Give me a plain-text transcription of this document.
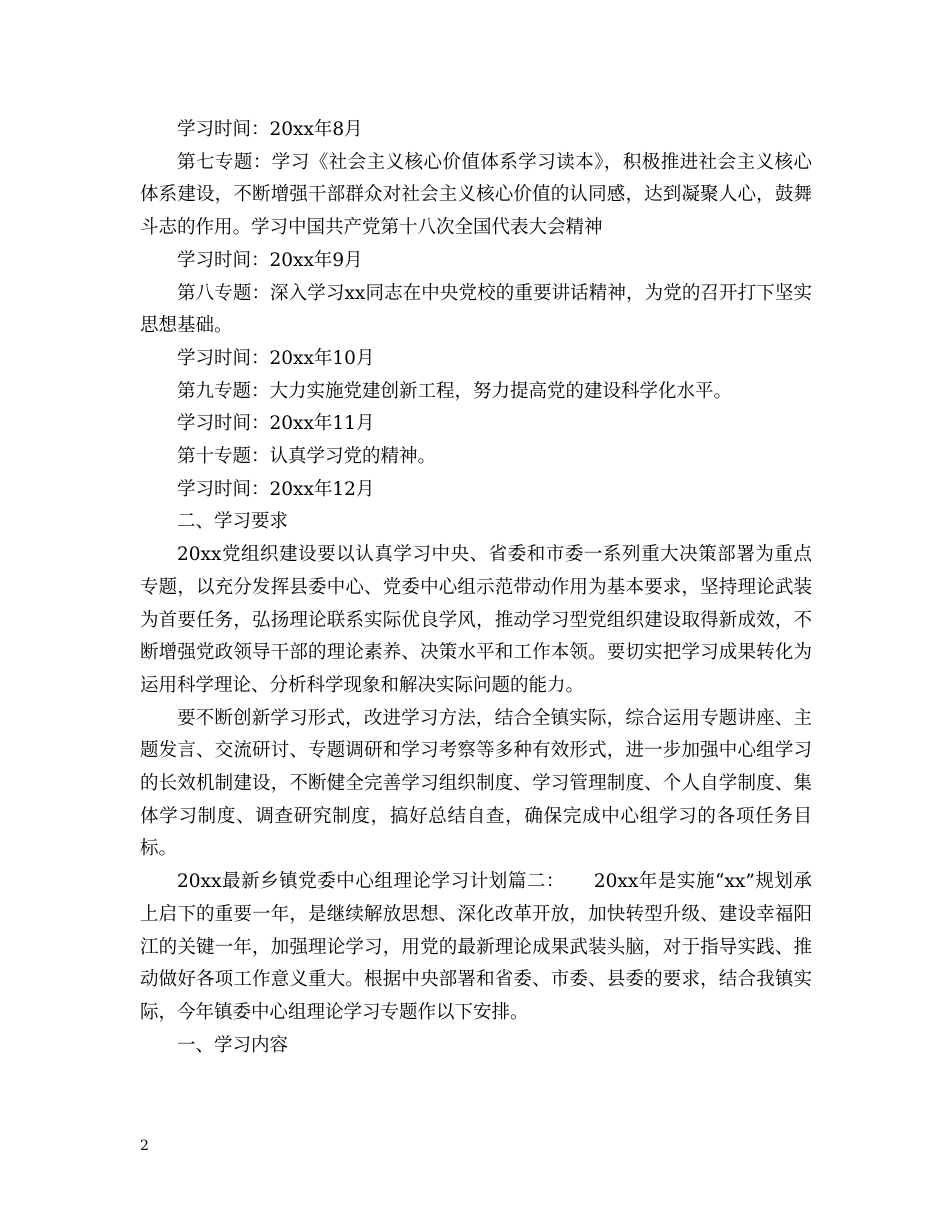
学习时间：20xx年8月

第七专题：学习《社会主义核心价值体系学习读本》，积极推进社会主义核心体系建设，不断增强干部群众对社会主义核心价值的认同感，达到凝聚人心，鼓舞斗志的作用。学习中国共产党第十八次全国代表大会精神

学习时间：20xx年9月

第八专题：深入学习xx同志在中央党校的重要讲话精神，为党的召开打下坚实思想基础。

学习时间：20xx年10月

第九专题：大力实施党建创新工程，努力提高党的建设科学化水平。

学习时间：20xx年11月

第十专题：认真学习党的精神。

学习时间：20xx年12月

二、学习要求

20xx党组织建设要以认真学习中央、省委和市委一系列重大决策部署为重点专题，以充分发挥县委中心、党委中心组示范带动作用为基本要求，坚持理论武装为首要任务，弘扬理论联系实际优良学风，推动学习型党组织建设取得新成效，不断增强党政领导干部的理论素养、决策水平和工作本领。要切实把学习成果转化为运用科学理论、分析科学现象和解决实际问题的能力。

要不断创新学习形式，改进学习方法，结合全镇实际，综合运用专题讲座、主题发言、交流研讨、专题调研和学习考察等多种有效形式，进一步加强中心组学习的长效机制建设，不断健全完善学习组织制度、学习管理制度、个人自学制度、集体学习制度、调查研究制度，搞好总结自查，确保完成中心组学习的各项任务目标。

20xx最新乡镇党委中心组理论学习计划篇二：　　20xx年是实施“xx”规划承上启下的重要一年，是继续解放思想、深化改革开放，加快转型升级、建设幸福阳江的关键一年，加强理论学习，用党的最新理论成果武装头脑，对于指导实践、推动做好各项工作意义重大。根据中央部署和省委、市委、县委的要求，结合我镇实际，今年镇委中心组理论学习专题作以下安排。

一、学习内容

2
